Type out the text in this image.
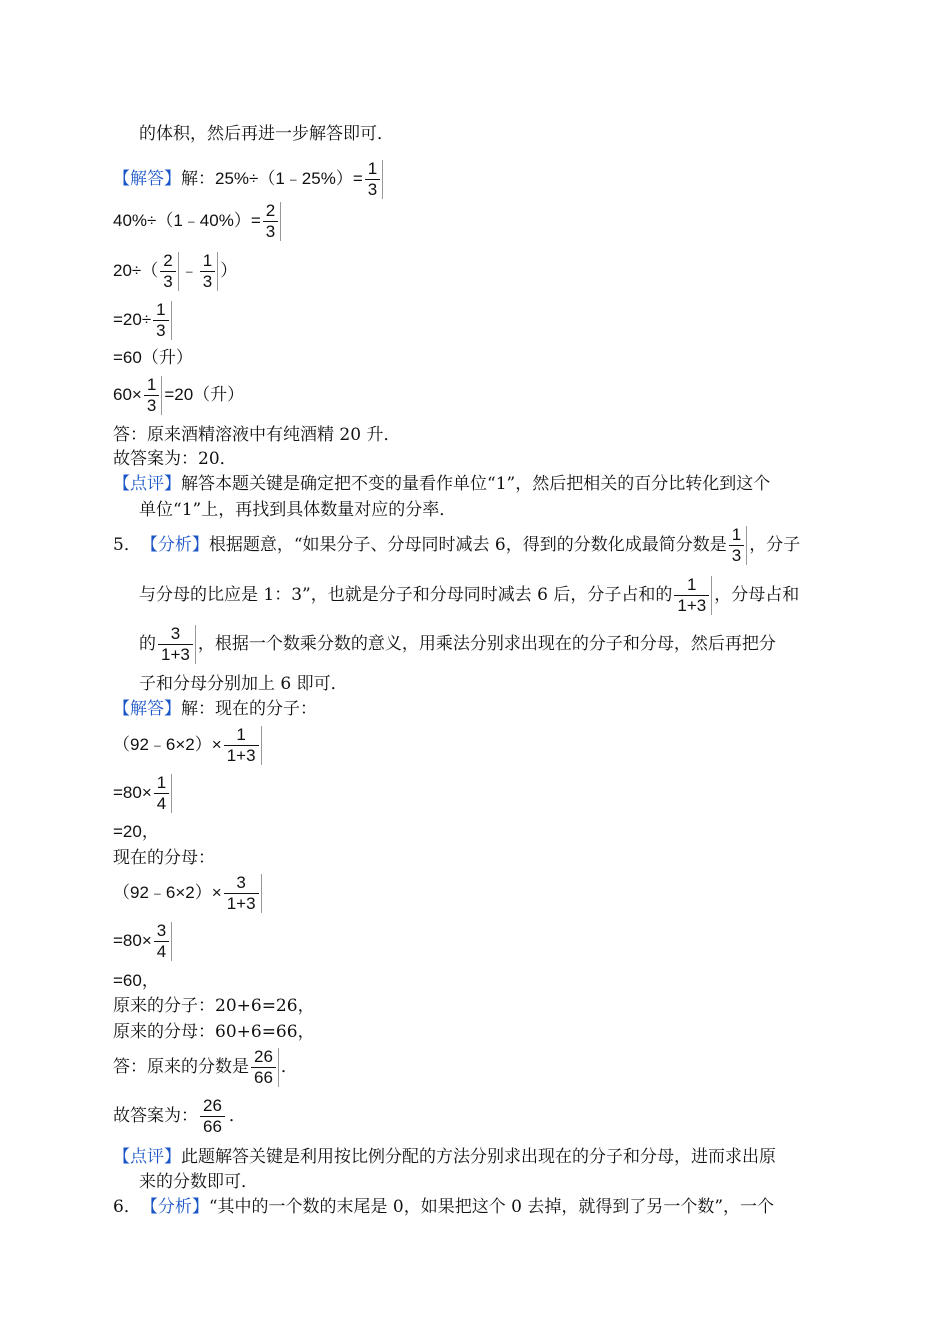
的体积，然后再进一步解答即可．
【解答】 解： 25%÷（1﹣25%）= $\frac{1}{3}$
40%÷（1﹣40%）= $\frac{2}{3}$
$20\div( \frac{2}{3}$ ﹣ $\frac{1}{3}$ ）
$=20\div \frac{1}{3}$
=60（升）
$60\times \frac{1}{3} =20$（升）
答：原来酒精溶液中有纯酒精 20 升．
故答案为：20．
【点评】 解答本题关键是确定把不变的量看作单位“1”，然后把相关的百分比转化到这个
单位“1”上，再找到具体数量对应的分率．
5． 【分析】 根据题意，“如果分子、分母同时减去 6，得到的分数化成最简分数是 $\frac{1}{3}$ ，分子
与分母的比应是 1：3”，也就是分子和分母同时减去 6 后，分子占和的 $\frac{1}{1+3}$ ，分母占和
的 $\frac{3}{1+3}$ ，根据一个数乘分数的意义，用乘法分别求出现在的分子和分母，然后再把分
子和分母分别加上 6 即可．
【解答】 解：现在的分子：
（92﹣6×2）× $\frac{1}{1+3}$
$=80\times \frac{1}{4}$
=20，
现在的分母：
（92﹣6×2）× $\frac{3}{1+3}$
$=80\times \frac{3}{4}$
=60，
原来的分子：20+6=26，
原来的分母：60+6=66，
答：原来的分数是 $\frac{26}{66}$ ．
故答案为： $\frac{26}{66}$ ．
【点评】 此题解答关键是利用按比例分配的方法分别求出现在的分子和分母，进而求出原
来的分数即可．
6． 【分析】 “其中的一个数的末尾是 0，如果把这个 0 去掉，就得到了另一个数”，一个
